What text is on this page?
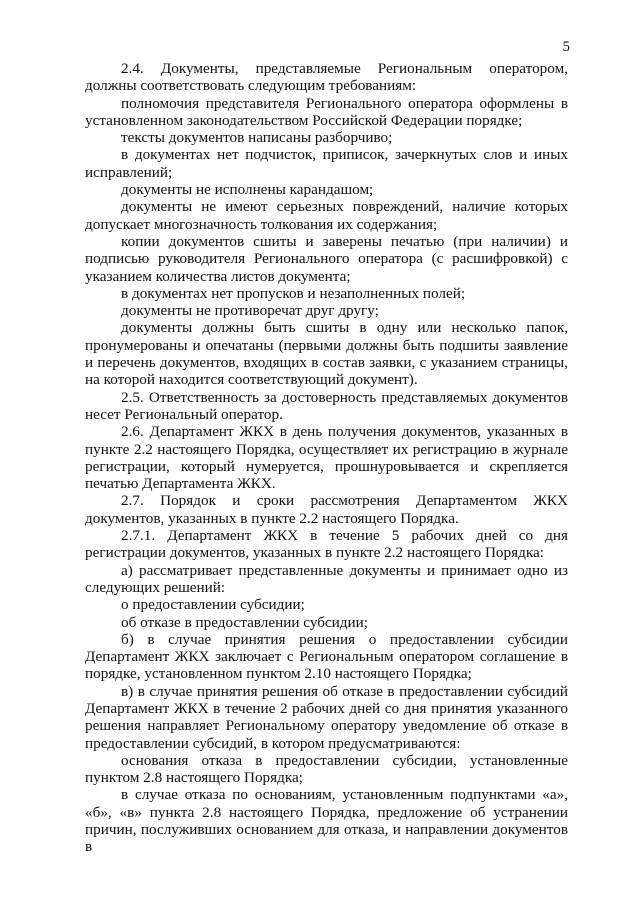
5

2.4. Документы, представляемые Региональным оператором, должны соответствовать следующим требованиям:

полномочия представителя Регионального оператора оформлены в установленном законодательством Российской Федерации порядке;

тексты документов написаны разборчиво;

в документах нет подчисток, приписок, зачеркнутых слов и иных исправлений;

документы не исполнены карандашом;

документы не имеют серьезных повреждений, наличие которых допускает многозначность толкования их содержания;

копии документов сшиты и заверены печатью (при наличии) и подписью руководителя Регионального оператора (с расшифровкой) с указанием количества листов документа;

в документах нет пропусков и незаполненных полей;

документы не противоречат друг другу;

документы должны быть сшиты в одну или несколько папок, пронумерованы и опечатаны (первыми должны быть подшиты заявление и перечень документов, входящих в состав заявки, с указанием страницы, на которой находится соответствующий документ).

2.5. Ответственность за достоверность представляемых документов несет Региональный оператор.

2.6. Департамент ЖКХ в день получения документов, указанных в пункте 2.2 настоящего Порядка, осуществляет их регистрацию в журнале регистрации, который нумеруется, прошнуровывается и скрепляется печатью Департамента ЖКХ.

2.7. Порядок и сроки рассмотрения Департаментом ЖКХ документов, указанных в пункте 2.2 настоящего Порядка.

2.7.1. Департамент ЖКХ в течение 5 рабочих дней со дня регистрации документов, указанных в пункте 2.2 настоящего Порядка:

а) рассматривает представленные документы и принимает одно из следующих решений:

о предоставлении субсидии;

об отказе в предоставлении субсидии;

б) в случае принятия решения о предоставлении субсидии Департамент ЖКХ заключает с Региональным оператором соглашение в порядке, установленном пунктом 2.10 настоящего Порядка;

в) в случае принятия решения об отказе в предоставлении субсидий Департамент ЖКХ в течение 2 рабочих дней со дня принятия указанного решения направляет Региональному оператору уведомление об отказе в предоставлении субсидий, в котором предусматриваются:

основания отказа в предоставлении субсидии, установленные пунктом 2.8 настоящего Порядка;

в случае отказа по основаниям, установленным подпунктами «а», «б», «в» пункта 2.8 настоящего Порядка, предложение об устранении причин, послуживших основанием для отказа, и направлении документов в
